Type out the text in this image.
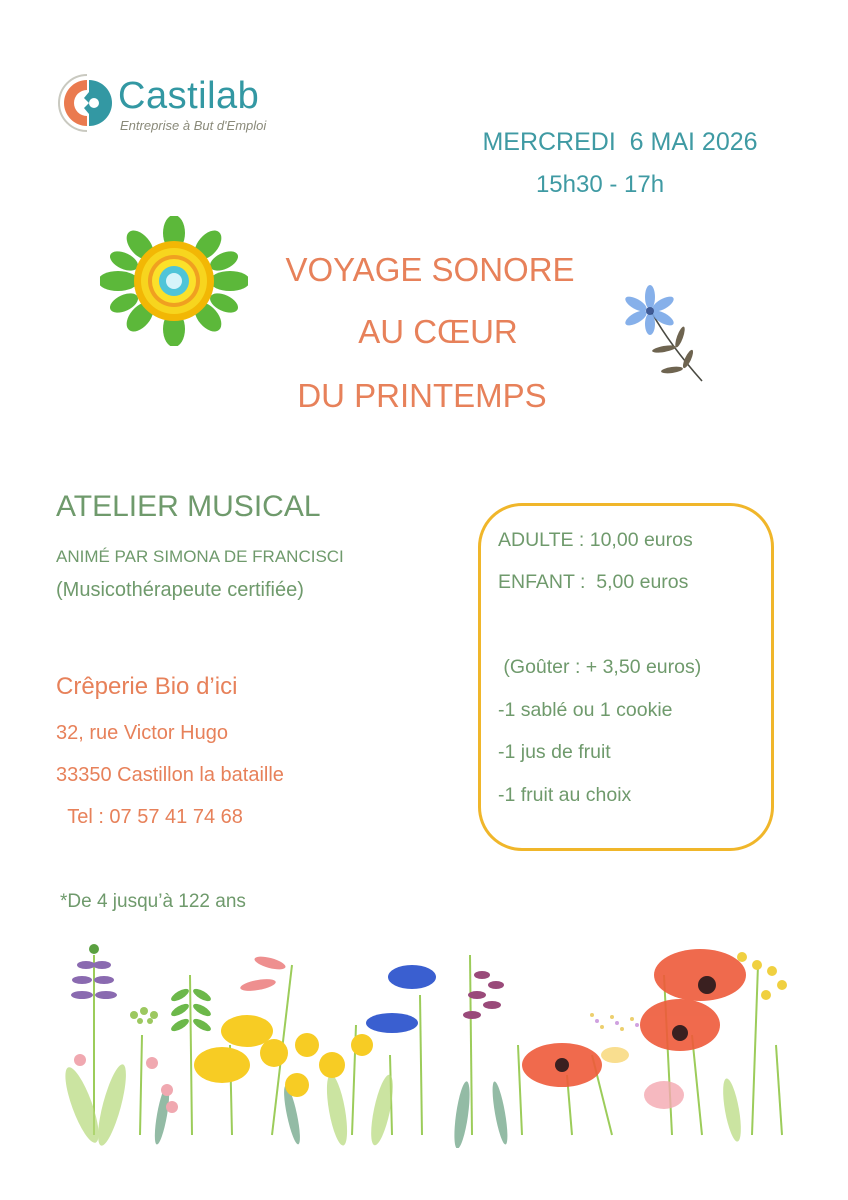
Castilab
Entreprise à But d'Emploi
MERCREDI  6 MAI 2026
15h30 - 17h
VOYAGE SONORE
AU CŒUR
DU PRINTEMPS
ATELIER MUSICAL
ANIMÉ PAR SIMONA DE FRANCISCI
(Musicothérapeute certifiée)
Crêperie Bio d’ici
32, rue Victor Hugo
33350 Castillon la bataille
Tel : 07 57 41 74 68
*De 4 jusqu’à 122 ans
ADULTE : 10,00 euros
ENFANT :  5,00 euros
(Goûter : + 3,50 euros)
-1 sablé ou 1 cookie
-1 jus de fruit
-1 fruit au choix
